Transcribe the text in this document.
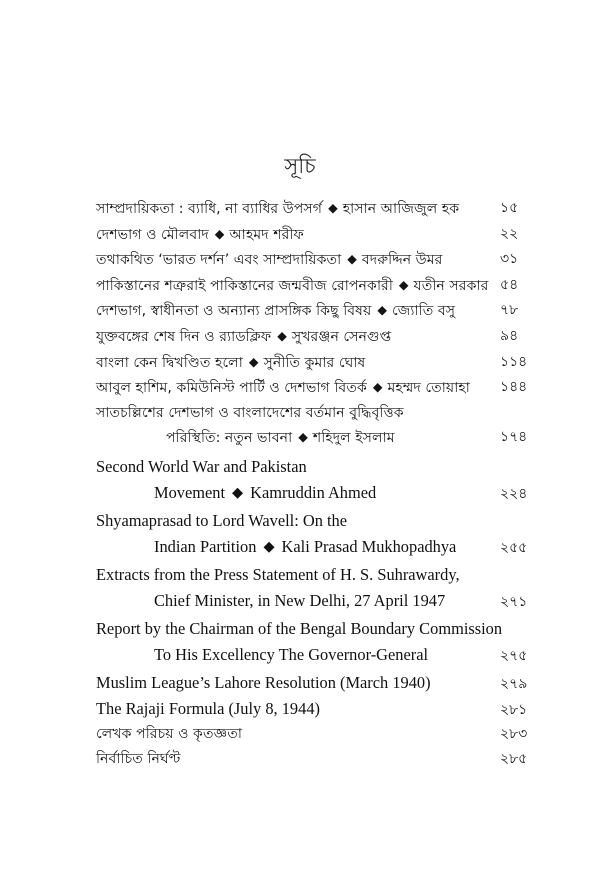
সূচি
সাম্প্রদায়িকতা : ব্যাধি, না ব্যাধির উপসর্গ ◆ হাসান আজিজুল হক	১৫
দেশভাগ ও মৌলবাদ ◆ আহমদ শরীফ	২২
তথাকথিত ‘ভারত দর্শন’ এবং সাম্প্রদায়িকতা ◆ বদরুদ্দিন উমর	৩১
পাকিস্তানের শত্রুরাই পাকিস্তানের জন্মবীজ রোপনকারী ◆ যতীন সরকার ৫৪
দেশভাগ, স্বাধীনতা ও অন্যান্য প্রাসঙ্গিক কিছু বিষয় ◆ জ্যোতি বসু	৭৮
যুক্তবঙ্গের শেষ দিন ও র‌্যাডক্লিফ ◆ সুখরঞ্জন সেনগুপ্ত	৯৪
বাংলা কেন দ্বিখণ্ডিত হলো ◆ সুনীতি কুমার ঘোষ	১১৪
আবুল হাশিম, কমিউনিস্ট পার্টি ও দেশভাগ বিতর্ক ◆ মহম্মদ তোয়াহা ১৪৪
সাতচল্লিশের দেশভাগ ও বাংলাদেশের বর্তমান বুদ্ধিবৃত্তিক
পরিস্থিতি: নতুন ভাবনা ◆ শহিদুল ইসলাম	১৭৪
Second World War and Pakistan
Movement ◆ Kamruddin Ahmed	২২৪
Shyamaprasad to Lord Wavell: On the
Indian Partition ◆ Kali Prasad Mukhopadhya	২৫৫
Extracts from the Press Statement of H. S. Suhrawardy,
Chief Minister, in New Delhi, 27 April 1947	২৭১
Report by the Chairman of the Bengal Boundary Commission
To His Excellency The Governor-General	২৭৫
Muslim League’s Lahore Resolution (March 1940)	২৭৯
The Rajaji Formula (July 8, 1944)	২৮১
লেখক পরিচয় ও কৃতজ্ঞতা	২৮৩
নির্বাচিত নির্ঘণ্ট	২৮৫
